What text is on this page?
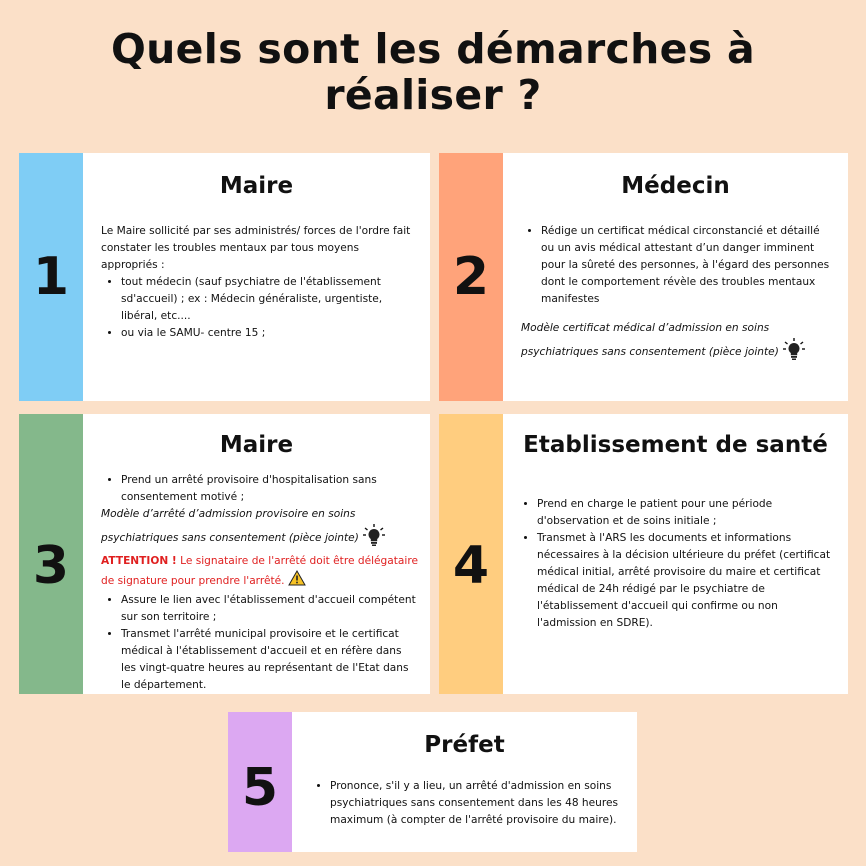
Quels sont les démarches à
réaliser ?
1
Maire

Le Maire sollicité par ses administrés/ forces de l'ordre fait constater les troubles mentaux par tous moyens appropriés :

• tout médecin (sauf psychiatre de l'établissement sd'accueil) ; ex : Médecin généraliste, urgentiste, libéral, etc....
• ou via le SAMU- centre 15 ;
2
Médecin
• Rédige un certificat médical circonstancié et détaillé ou un avis médical attestant d’un danger imminent pour la sûreté des personnes, à l'égard des personnes dont le comportement révèle des troubles mentaux manifestes

Modèle certificat médical d’admission en soins psychiatriques sans consentement (pièce jointe)

3
Maire
• Prend un arrêté provisoire d'hospitalisation sans consentement motivé ;

Modèle d’arrêté d’admission provisoire en soins psychiatriques sans consentement (pièce jointe)

ATTENTION ! Le signataire de l'arrêté doit être délégataire de signature pour prendre l'arrêté.

• Assure le lien avec l'établissement d'accueil compétent sur son territoire ;
• Transmet l'arrêté municipal provisoire et le certificat médical à l'établissement d'accueil et en réfère dans les vingt-quatre heures au représentant de l'Etat dans le département.
4
Etablissement de santé
• Prend en charge le patient pour une période d'observation et de soins initiale ;
• Transmet à l'ARS les documents et informations nécessaires à la décision ultérieure du préfet (certificat médical initial, arrêté provisoire du maire et certificat médical de 24h rédigé par le psychiatre de l'établissement d'accueil qui confirme ou non l'admission en SDRE).
5
Préfet
• Prononce, s'il y a lieu, un arrêté d'admission en soins psychiatriques sans consentement dans les 48 heures maximum (à compter de l'arrêté provisoire du maire).
